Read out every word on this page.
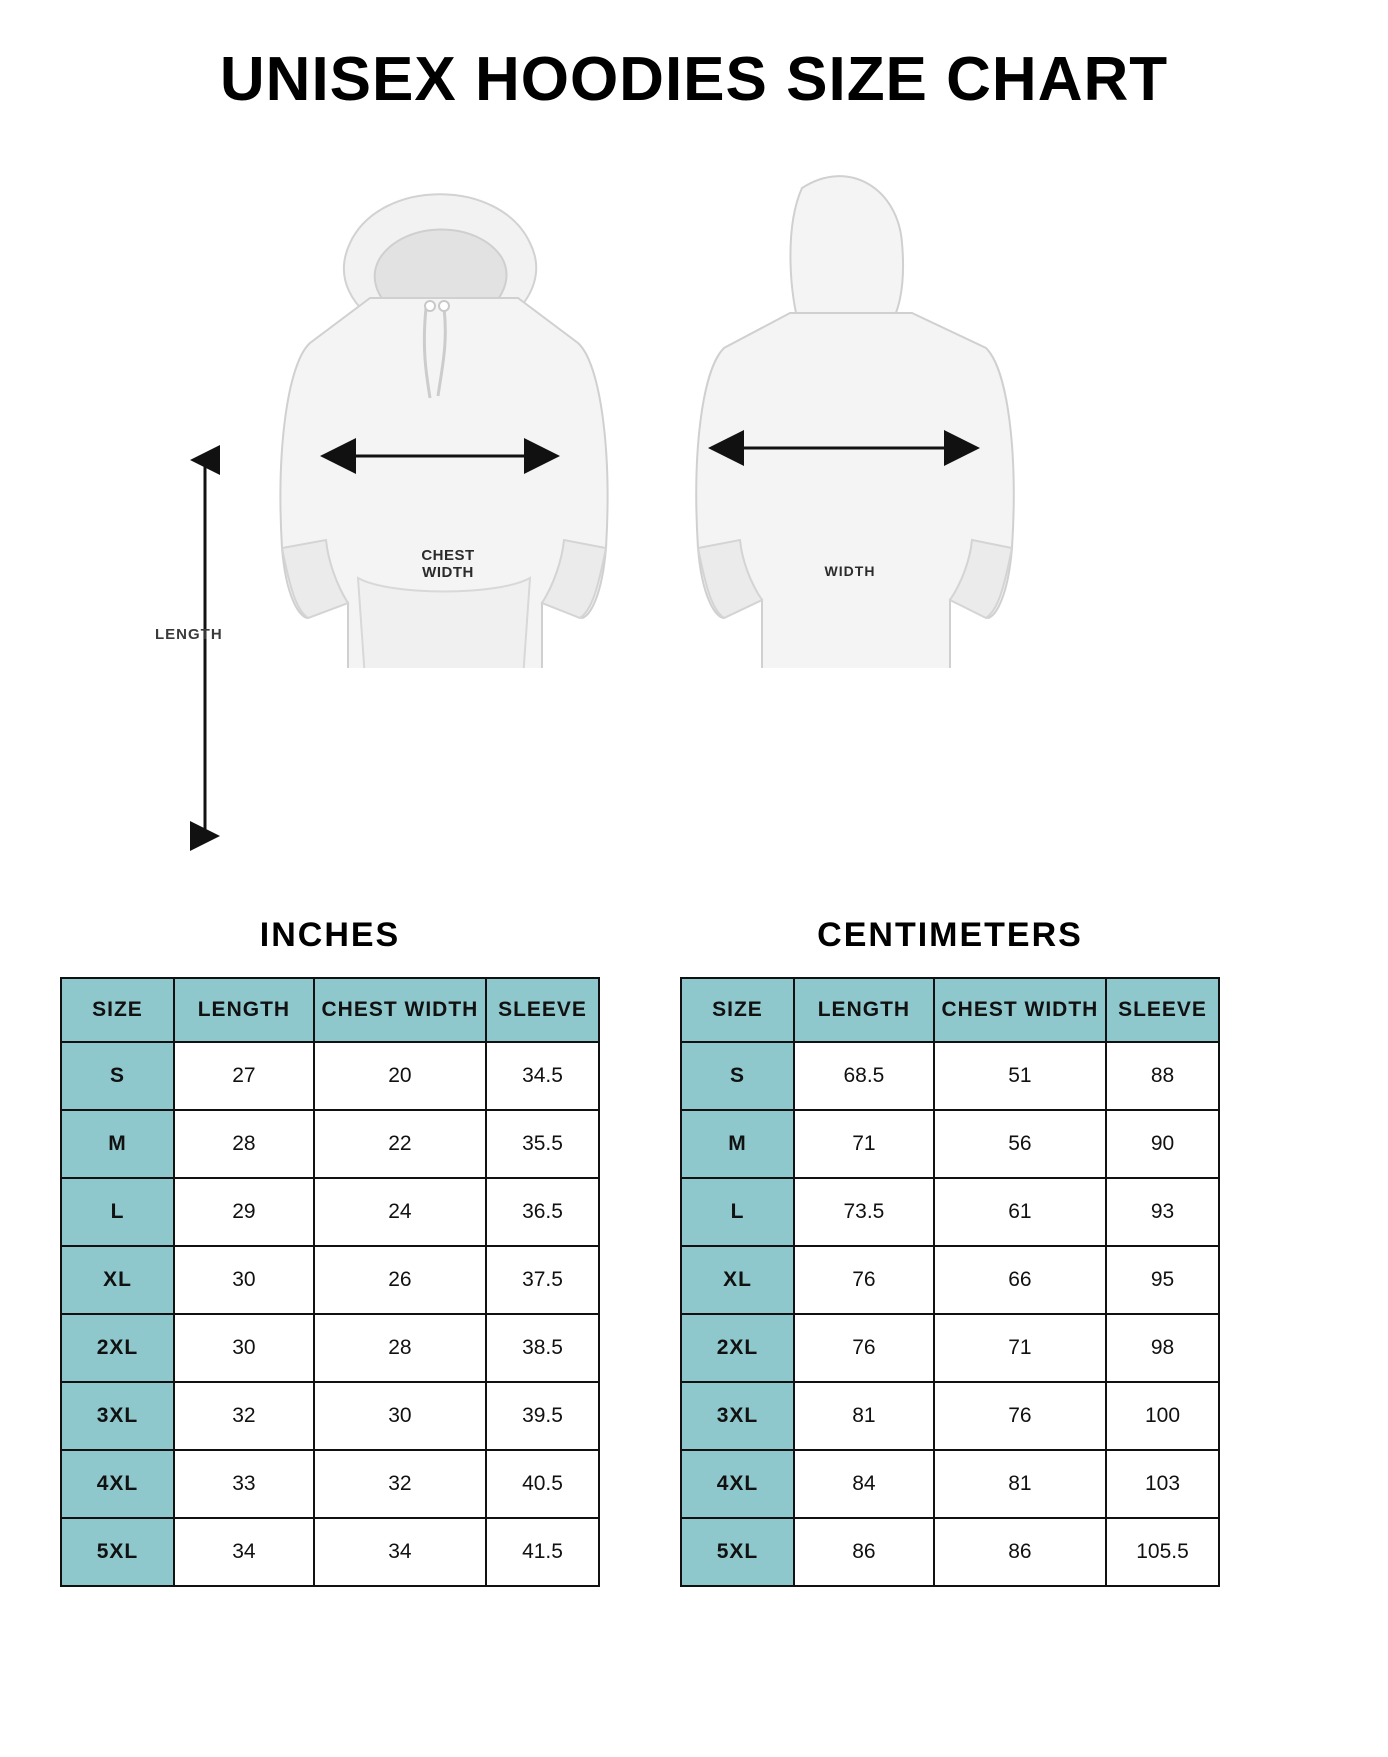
UNISEX HOODIES SIZE CHART
LENGTH
CHEST
WIDTH	WIDTH
INCHES
SIZE	LENGTH	CHEST WIDTH	SLEEVE
S	27	20	34.5
M	28	22	35.5
L	29	24	36.5
XL	30	26	37.5
2XL	30	28	38.5
3XL	32	30	39.5
4XL	33	32	40.5
5XL	34	34	41.5
CENTIMETERS
SIZE	LENGTH	CHEST WIDTH	SLEEVE
S	68.5	51	88
M	71	56	90
L	73.5	61	93
XL	76	66	95
2XL	76	71	98
3XL	81	76	100
4XL	84	81	103
5XL	86	86	105.5
